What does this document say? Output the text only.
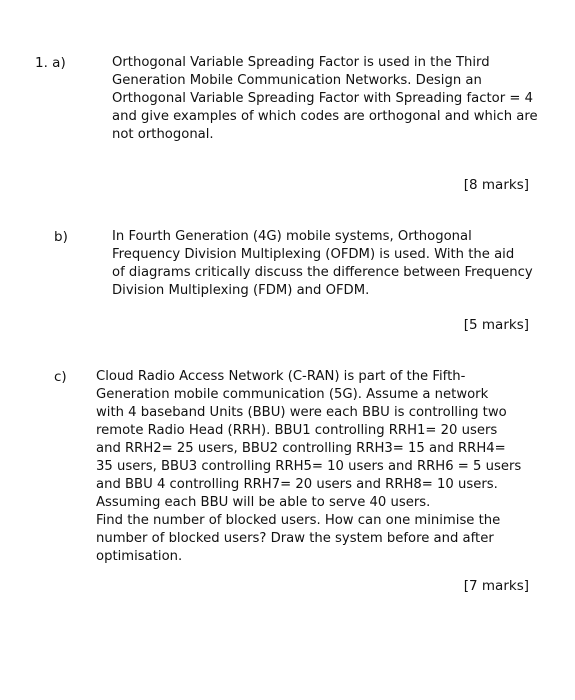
1. a)	Orthogonal Variable Spreading Factor is used in the Third
Generation Mobile Communication Networks. Design an
Orthogonal Variable Spreading Factor with Spreading factor = 4
and give examples of which codes are orthogonal and which are
not orthogonal.
[8 marks]
b)	In Fourth Generation (4G) mobile systems, Orthogonal
Frequency Division Multiplexing (OFDM) is used. With the aid
of diagrams critically discuss the difference between Frequency
Division Multiplexing (FDM) and OFDM.
[5 marks]
c) Cloud Radio Access Network (C-RAN) is part of the Fifth-
Generation mobile communication (5G). Assume a network
with 4 baseband Units (BBU) were each BBU is controlling two
remote Radio Head (RRH). BBU1 controlling RRH1= 20 users
and RRH2= 25 users, BBU2 controlling RRH3= 15 and RRH4=
35 users, BBU3 controlling RRH5= 10 users and RRH6 = 5 users
and BBU 4 controlling RRH7= 20 users and RRH8= 10 users.
Assuming each BBU will be able to serve 40 users.
Find the number of blocked users. How can one minimise the
number of blocked users? Draw the system before and after
optimisation.
[7 marks]
